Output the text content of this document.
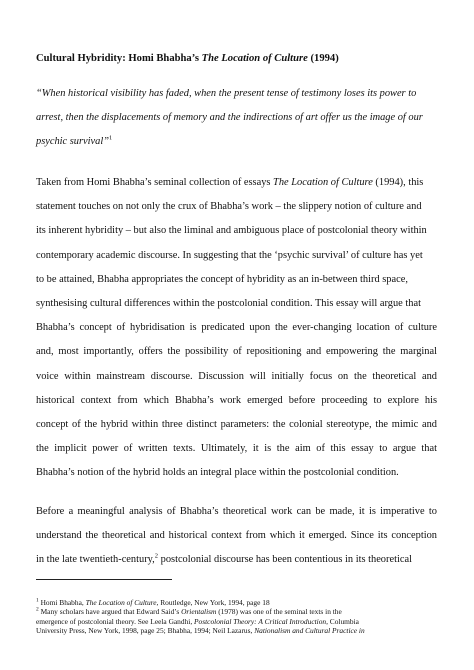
Cultural Hybridity: Homi Bhabha’s The Location of Culture (1994)
“When historical visibility has faded, when the present tense of testimony loses its power to
arrest, then the displacements of memory and the indirections of art offer us the image of our
psychic survival”$^1$
Taken from Homi Bhabha’s seminal collection of essays The Location of Culture (1994), this
statement touches on not only the crux of Bhabha’s work – the slippery notion of culture and
its inherent hybridity – but also the liminal and ambiguous place of postcolonial theory within
contemporary academic discourse. In suggesting that the ‘psychic survival’ of culture has yet
to be attained, Bhabha appropriates the concept of hybridity as an in-between third space,
synthesising cultural differences within the postcolonial condition. This essay will argue that
Bhabha’s concept of hybridisation is predicated upon the ever-changing location of culture
and, most importantly, offers the possibility of repositioning and empowering the marginal
voice within mainstream discourse. Discussion will initially focus on the theoretical and
historical context from which Bhabha’s work emerged before proceeding to explore his
concept of the hybrid within three distinct parameters: the colonial stereotype, the mimic and
the implicit power of written texts. Ultimately, it is the aim of this essay to argue that
Bhabha’s notion of the hybrid holds an integral place within the postcolonial condition.
Before a meaningful analysis of Bhabha’s theoretical work can be made, it is imperative to
understand the theoretical and historical context from which it emerged. Since its conception
in the late twentieth-century,$^2$ postcolonial discourse has been contentious in its theoretical
$^1$ Homi Bhabha, The Location of Culture, Routledge, New York, 1994, page 18
$^2$ Many scholars have argued that Edward Said’s Orientalism (1978) was one of the seminal texts in the
emergence of postcolonial theory. See Leela Gandhi, Postcolonial Theory: A Critical Introduction, Columbia
University Press, New York, 1998, page 25; Bhabha, 1994; Neil Lazarus, Nationalism and Cultural Practice in
